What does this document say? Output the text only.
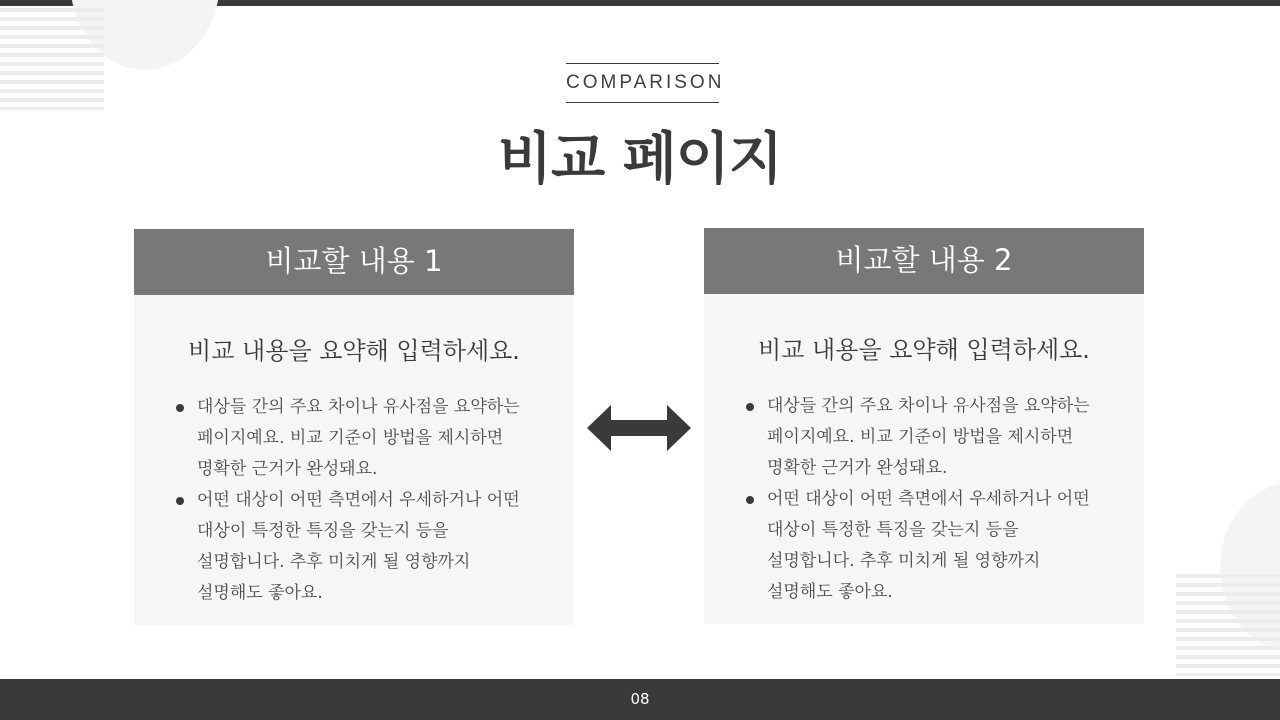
COMPARISON
비교 페이지
비교할 내용 1
비교 내용을 요약해 입력하세요.
대상들 간의 주요 차이나 유사점을 요약하는 페이지예요. 비교 기준이 방법을 제시하면 명확한 근거가 완성돼요.
어떤 대상이 어떤 측면에서 우세하거나 어떤 대상이 특정한 특징을 갖는지 등을 설명합니다. 추후 미치게 될 영향까지 설명해도 좋아요.
비교할 내용 2
비교 내용을 요약해 입력하세요.
대상들 간의 주요 차이나 유사점을 요약하는 페이지예요. 비교 기준이 방법을 제시하면 명확한 근거가 완성돼요.
어떤 대상이 어떤 측면에서 우세하거나 어떤 대상이 특정한 특징을 갖는지 등을 설명합니다. 추후 미치게 될 영향까지 설명해도 좋아요.
08
